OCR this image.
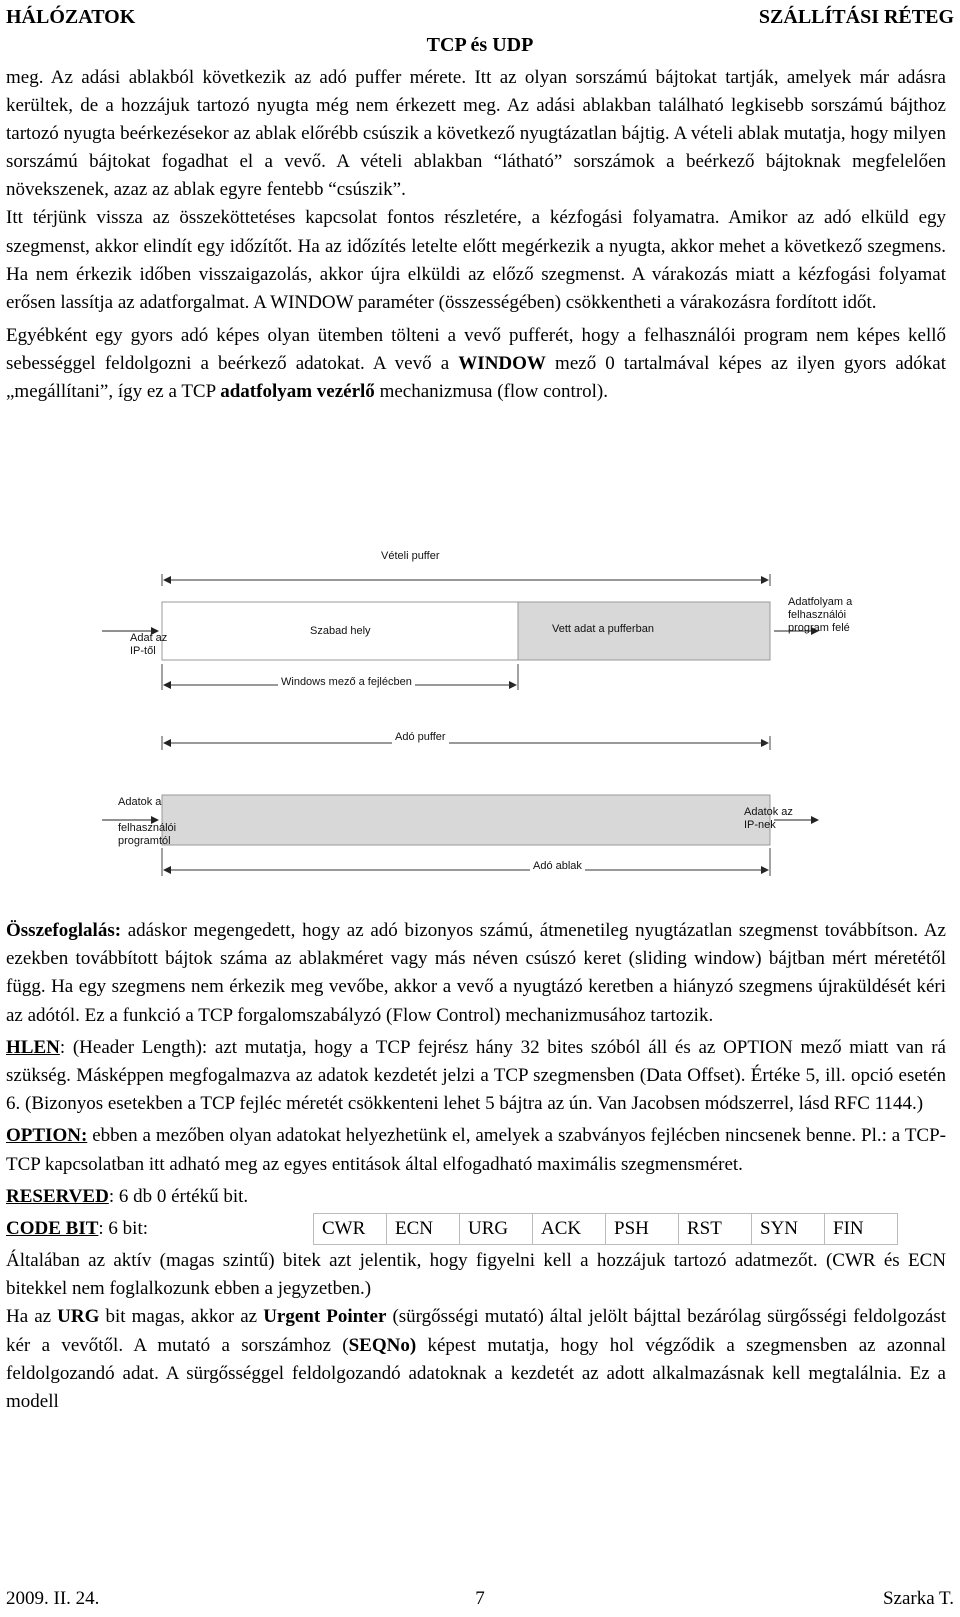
HÁLÓZATOK	SZÁLLÍTÁSI RÉTEG
TCP és UDP

meg. Az adási ablakból következik az adó puffer mérete. Itt az olyan sorszámú bájtokat tartják, amelyek már adásra kerültek, de a hozzájuk tartozó nyugta még nem érkezett meg. Az adási ablakban található legkisebb sorszámú bájthoz tartozó nyugta beérkezésekor az ablak előrébb csúszik a következő nyugtázatlan bájtig. A vételi ablak mutatja, hogy milyen sorszámú bájtokat fogadhat el a vevő. A vételi ablakban “látható” sorszámok a beérkező bájtoknak megfelelően növekszenek, azaz az ablak egyre fentebb “csúszik”.

Itt térjünk vissza az összeköttetéses kapcsolat fontos részletére, a kézfogási folyamatra. Amikor az adó elküld egy szegmenst, akkor elindít egy időzítőt. Ha az időzítés letelte előtt megérkezik a nyugta, akkor mehet a következő szegmens. Ha nem érkezik időben visszaigazolás, akkor újra elküldi az előző szegmenst. A várakozás miatt a kézfogási folyamat erősen lassítja az adatforgalmat. A WINDOW paraméter (összességében) csökkentheti a várakozásra fordított időt.

Egyébként egy gyors adó képes olyan ütemben tölteni a vevő pufferét, hogy a felhasználói program nem képes kellő sebességgel feldolgozni a beérkező adatokat. A vevő a WINDOW mező 0 tartalmával képes az ilyen gyors adókat „megállítani”, így ez a TCP adatfolyam vezérlő mechanizmusa (flow control).

Vételi puffer
Szabad hely	Vett adat a pufferban
Adat az
IP-től
Adatfolyam a
felhasználói
program felé
Windows mező a fejlécben
Adó puffer
Adatok a

felhasználói
programtól
Adatok az
IP-nek
Adó ablak

Összefoglalás: adáskor megengedett, hogy az adó bizonyos számú, átmenetileg nyugtázatlan szegmenst továbbítson. Az ezekben továbbított bájtok száma az ablakméret vagy más néven csúszó keret (sliding window) bájtban mért méretétől függ. Ha egy szegmens nem érkezik meg vevőbe, akkor a vevő a nyugtázó keretben a hiányzó szegmens újraküldését kéri az adótól. Ez a funkció a TCP forgalomszabályzó (Flow Control) mechanizmusához tartozik.

HLEN: (Header Length): azt mutatja, hogy a TCP fejrész hány 32 bites szóból áll és az OPTION mező miatt van rá szükség. Másképpen megfogalmazva az adatok kezdetét jelzi a TCP szegmensben (Data Offset). Értéke 5, ill. opció esetén 6. (Bizonyos esetekben a TCP fejléc méretét csökkenteni lehet 5 bájtra az ún. Van Jacobsen módszerrel, lásd RFC 1144.)

OPTION: ebben a mezőben olyan adatokat helyezhetünk el, amelyek a szabványos fejlécben nincsenek benne. Pl.: a TCP-TCP kapcsolatban itt adható meg az egyes entitások által elfogadható maximális szegmensméret.

RESERVED: 6 db 0 értékű bit.

CODE BIT: 6 bit:	CWR	ECN	URG	ACK	PSH	RST	SYN	FIN

Általában az aktív (magas szintű) bitek azt jelentik, hogy figyelni kell a hozzájuk tartozó adatmezőt. (CWR és ECN bitekkel nem foglalkozunk ebben a jegyzetben.)

Ha az URG bit magas, akkor az Urgent Pointer (sürgősségi mutató) által jelölt bájttal bezárólag sürgősségi feldolgozást kér a vevőtől. A mutató a sorszámhoz (SEQNo) képest mutatja, hogy hol végződik a szegmensben az azonnal feldolgozandó adat. A sürgősséggel feldolgozandó adatoknak a kezdetét az adott alkalmazásnak kell megtalálnia. Ez a modell

2009. II. 24.	7	Szarka T.
